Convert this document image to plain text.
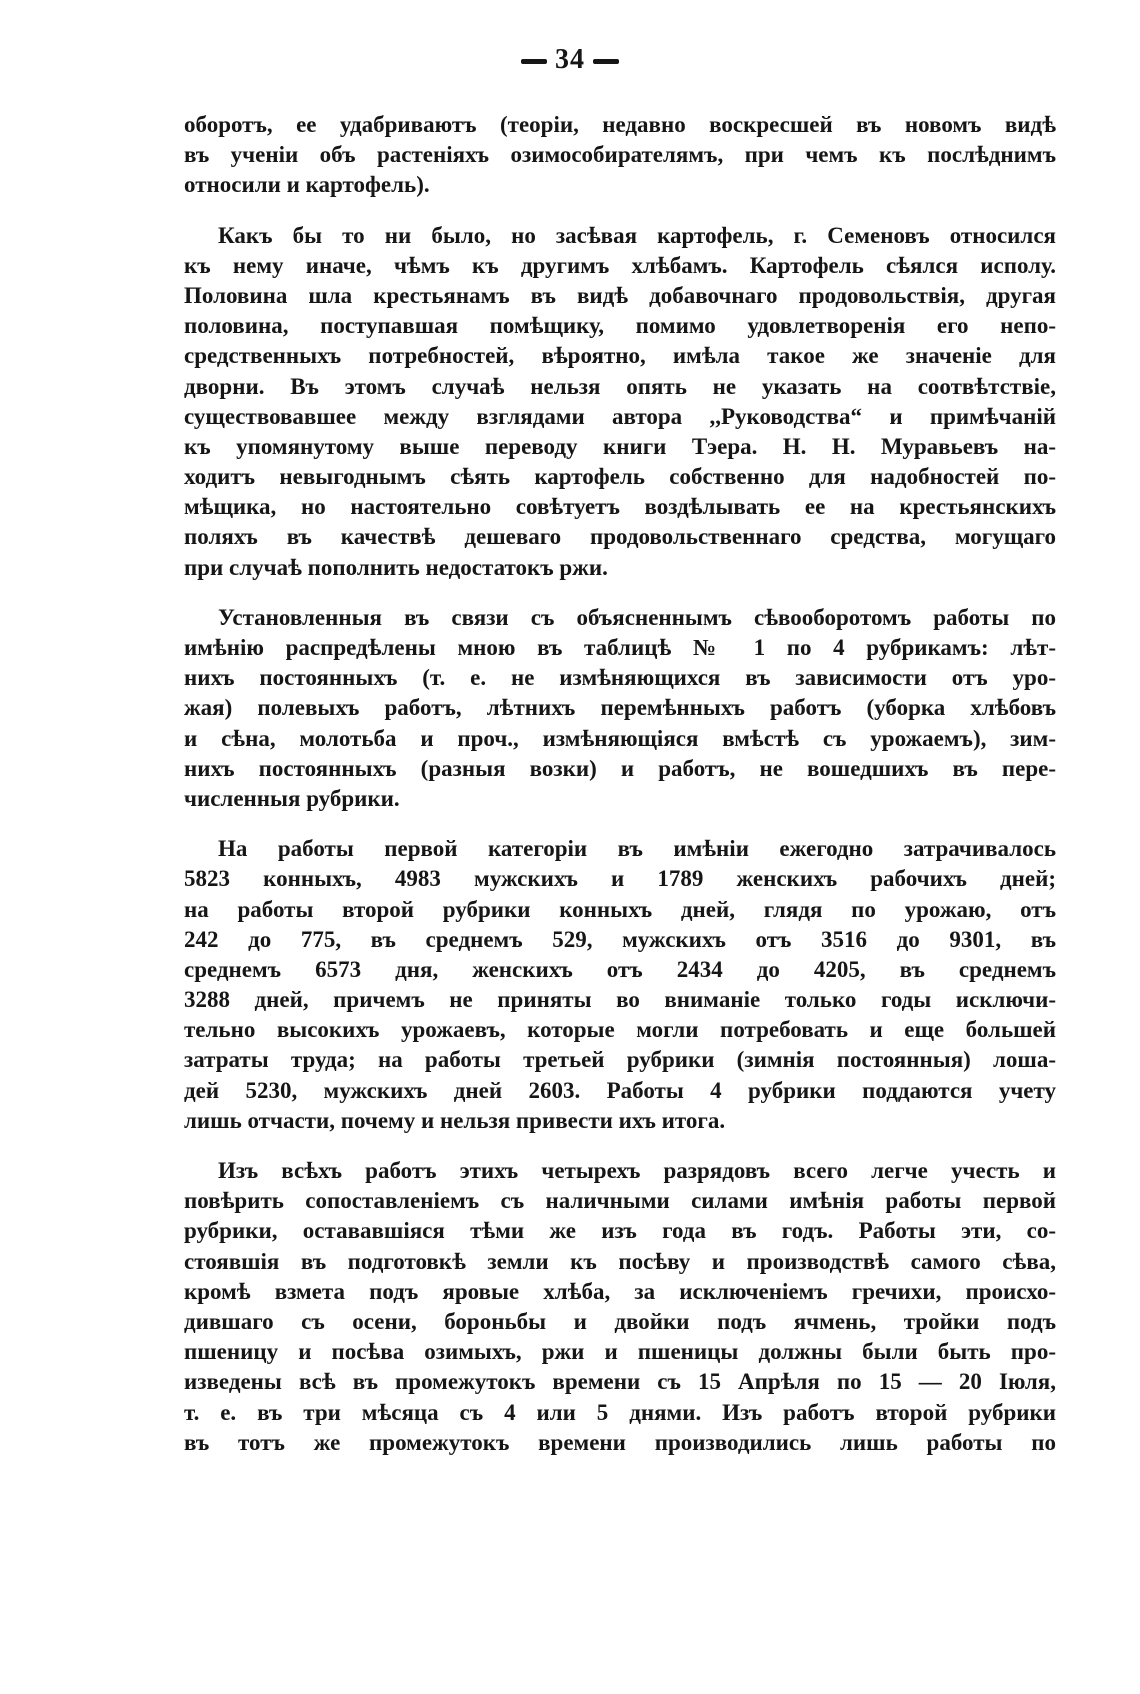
34
оборотъ, ее удабриваютъ (теоріи, недавно воскресшей въ новомъ видѣ
въ ученіи объ растеніяхъ озимособирателямъ, при чемъ къ послѣднимъ
относили и картофель).
Какъ бы то ни было, но засѣвая картофель, г. Семеновъ относился
къ нему иначе, чѣмъ къ другимъ хлѣбамъ. Картофель сѣялся исполу.
Половина шла крестьянамъ въ видѣ добавочнаго продовольствія, другая
половина, поступавшая помѣщику, помимо удовлетворенія его непо-
средственныхъ потребностей, вѣроятно, имѣла такое же значеніе для
дворни. Въ этомъ случаѣ нельзя опять не указать на соотвѣтствіе,
существовавшее между взглядами автора ,,Руководства“ и примѣчаній
къ упомянутому выше переводу книги Тэера. Н. Н. Муравьевъ на-
ходитъ невыгоднымъ сѣять картофель собственно для надобностей по-
мѣщика, но настоятельно совѣтуетъ воздѣлывать ее на крестьянскихъ
поляхъ въ качествѣ дешеваго продовольственнаго средства, могущаго
при случаѣ пополнить недостатокъ ржи.
Установленныя въ связи съ объясненнымъ сѣвооборотомъ работы по
имѣнію распредѣлены мною въ таблицѣ № 1 по 4 рубрикамъ: лѣт-
нихъ постоянныхъ (т. е. не измѣняющихся въ зависимости отъ уро-
жая) полевыхъ работъ, лѣтнихъ перемѣнныхъ работъ (уборка хлѣбовъ
и сѣна, молотьба и проч., измѣняющіяся вмѣстѣ съ урожаемъ), зим-
нихъ постоянныхъ (разныя возки) и работъ, не вошедшихъ въ пере-
численныя рубрики.
На работы первой категоріи въ имѣніи ежегодно затрачивалось
5823 конныхъ, 4983 мужскихъ и 1789 женскихъ рабочихъ дней;
на работы второй рубрики конныхъ дней, глядя по урожаю, отъ
242 до 775, въ среднемъ 529, мужскихъ отъ 3516 до 9301, въ
среднемъ 6573 дня, женскихъ отъ 2434 до 4205, въ среднемъ
3288 дней, причемъ не приняты во вниманіе только годы исключи-
тельно высокихъ урожаевъ, которые могли потребовать и еще большей
затраты труда; на работы третьей рубрики (зимнія постоянныя) лоша-
дей 5230, мужскихъ дней 2603. Работы 4 рубрики поддаются учету
лишь отчасти, почему и нельзя привести ихъ итога.
Изъ всѣхъ работъ этихъ четырехъ разрядовъ всего легче учесть и
повѣрить сопоставленіемъ съ наличными силами имѣнія работы первой
рубрики, остававшіяся тѣми же изъ года въ годъ. Работы эти, со-
стоявшія въ подготовкѣ земли къ посѣву и производствѣ самого сѣва,
кромѣ взмета подъ яровые хлѣба, за исключеніемъ гречихи, происхо-
дившаго съ осени, бороньбы и двойки подъ ячмень, тройки подъ
пшеницу и посѣва озимыхъ, ржи и пшеницы должны были быть про-
изведены всѣ въ промежутокъ времени съ 15 Апрѣля по 15 — 20 Іюля,
т. е. въ три мѣсяца съ 4 или 5 днями. Изъ работъ второй рубрики
въ тотъ же промежутокъ времени производились лишь работы по
